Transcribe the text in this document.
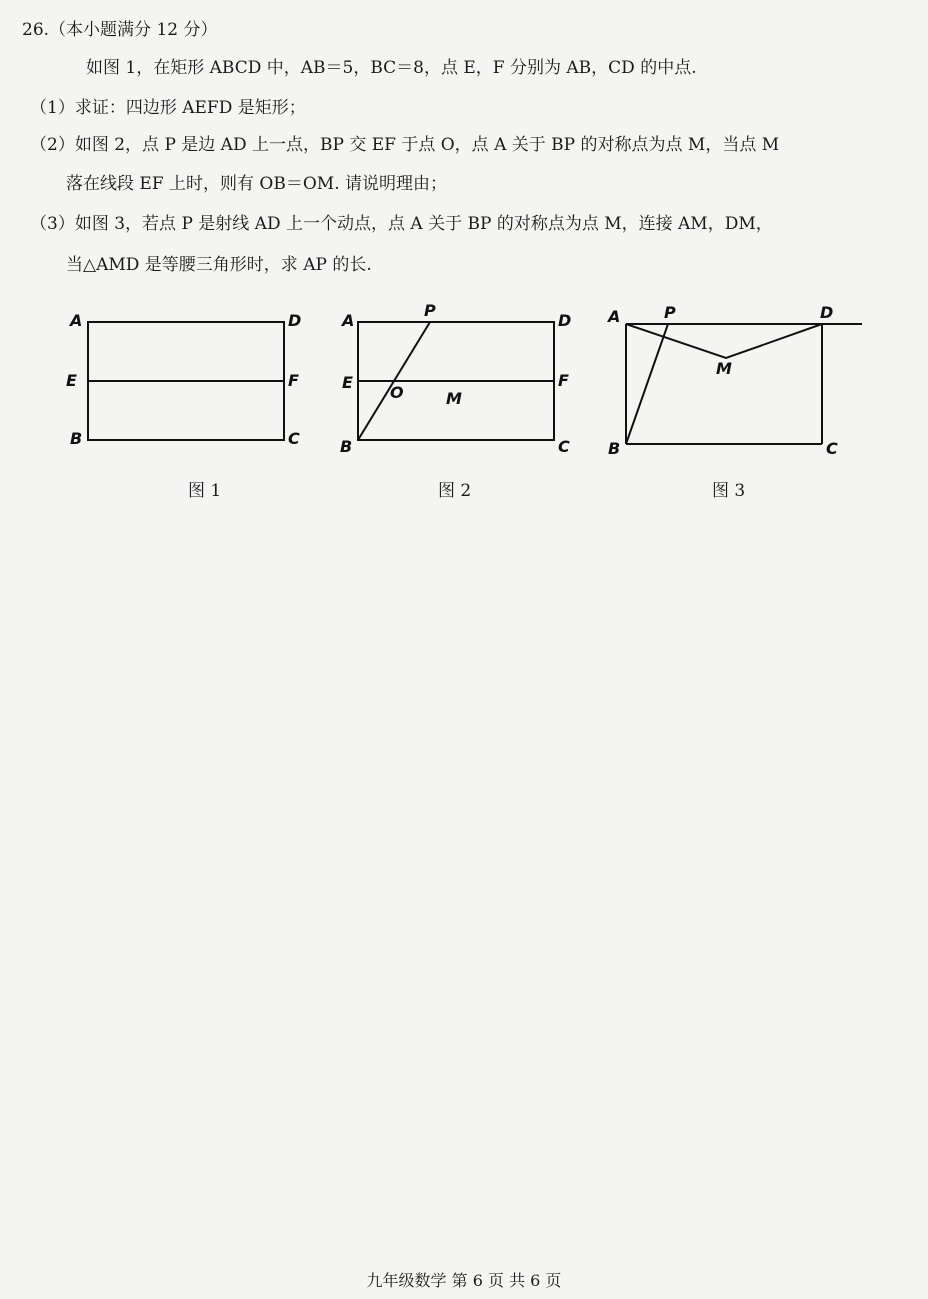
26.（本小题满分 12 分）
如图 1，在矩形 ABCD 中，AB＝5，BC＝8，点 E，F 分别为 AB，CD 的中点.
（1）求证：四边形 AEFD 是矩形；
（2）如图 2，点 P 是边 AD 上一点，BP 交 EF 于点 O，点 A 关于 BP 的对称点为点 M，当点 M
落在线段 EF 上时，则有 OB＝OM. 请说明理由；
（3）如图 3，若点 P 是射线 AD 上一个动点，点 A 关于 BP 的对称点为点 M，连接 AM，DM，
当△AMD 是等腰三角形时，求 AP 的长.
A	D
E	F
B	C
图 1
A
P
D
E
O	M
F
B	C
图 2
A	P	D
M
B	C
图 3
九年级数学 第 6 页 共 6 页
